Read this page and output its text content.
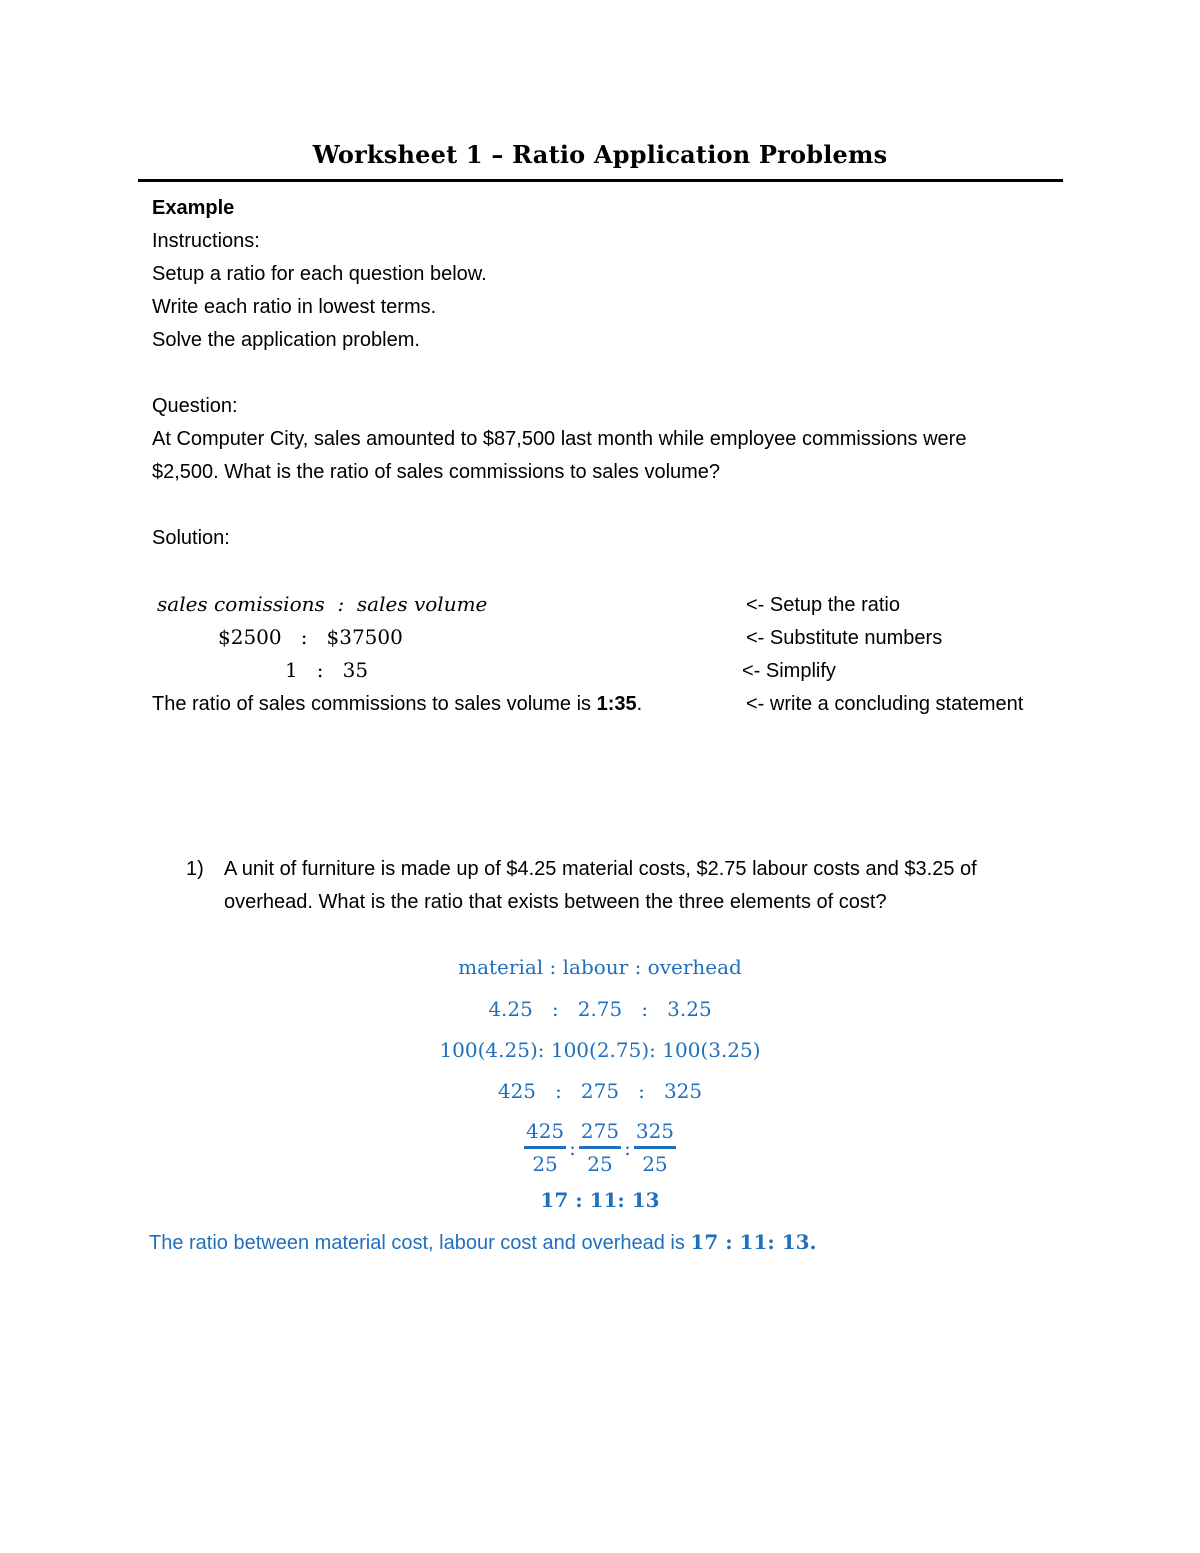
Worksheet 1 – Ratio Application Problems
Example
Instructions:
Setup a ratio for each question below.
Write each ratio in lowest terms.
Solve the application problem.
Question:
At Computer City, sales amounted to $87,500 last month while employee commissions were
$2,500. What is the ratio of sales commissions to sales volume?
Solution:
sales comissions  :  sales volume	<- Setup the ratio
$2500   :   $37500	<- Substitute numbers
1   :   35	<- Simplify
The ratio of sales commissions to sales volume is 1:35.	<- write a concluding statement
1) A unit of furniture is made up of $4.25 material costs, $2.75 labour costs and $3.25 of
overhead. What is the ratio that exists between the three elements of cost?
material : labour : overhead
4.25   :   2.75   :   3.25
100(4.25): 100(2.75): 100(3.25)
425   :   275   :   325
$\frac{425}{25}$ : $\frac{275}{25}$ : $\frac{325}{25}$
17 : 11: 13
The ratio between material cost, labour cost and overhead is 17 : 11: 13.
